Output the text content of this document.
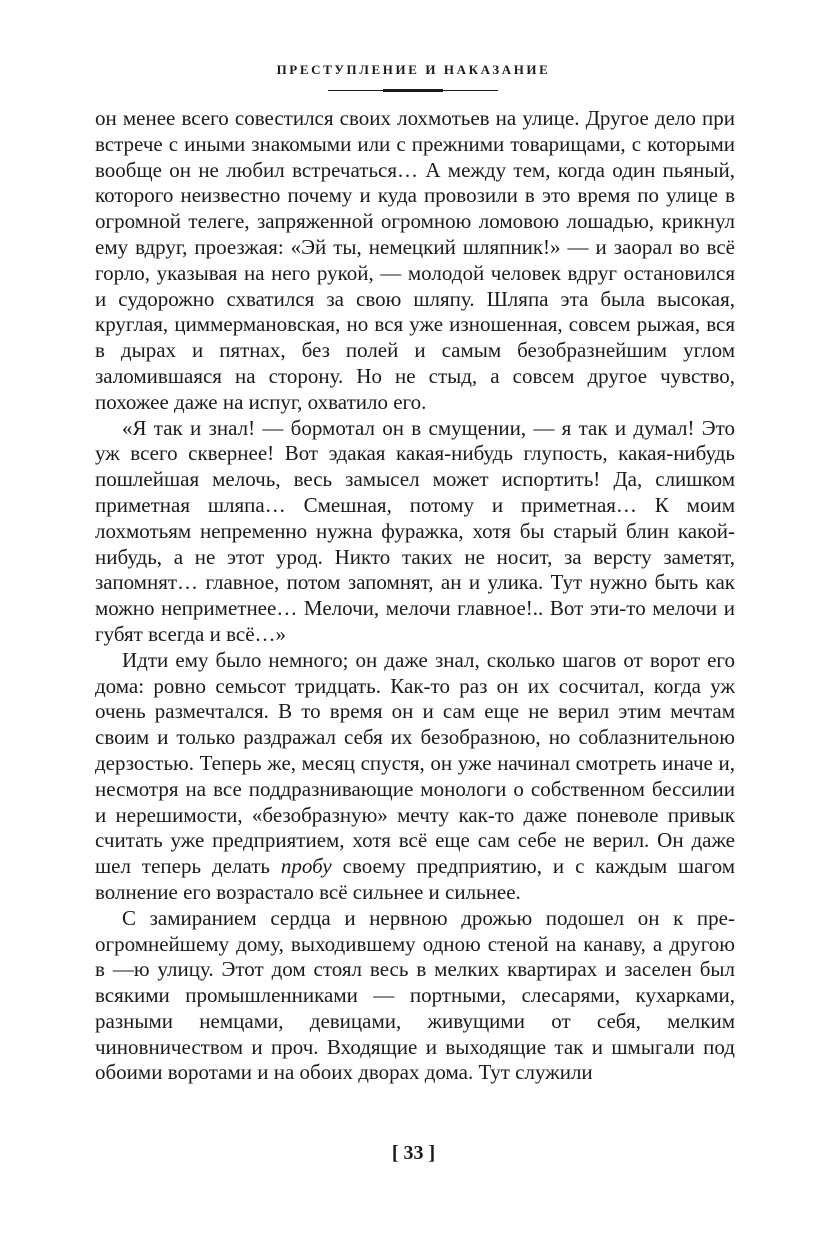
ПРЕСТУПЛЕНИЕ И НАКАЗАНИЕ

он менее всего совестился своих лохмотьев на улице. Другое дело при встрече с иными знакомыми или с прежними товарищами, с которыми вообще он не любил встречаться… А между тем, когда один пьяный, которого неизвестно почему и куда провозили в это время по улице в огромной телеге, запряженной огромною ломовою лошадью, крикнул ему вдруг, проезжая: «Эй ты, немецкий шляпник!» — и заорал во всё горло, указывая на него рукой, — молодой человек вдруг остановился и судорожно схватился за свою шляпу. Шляпа эта была высокая, круглая, циммермановская, но вся уже изношенная, совсем рыжая, вся в дырах и пятнах, без полей и самым безобразнейшим углом заломившаяся на сторону. Но не стыд, а совсем другое чувство, похожее даже на испуг, охватило его.

«Я так и знал! — бормотал он в смущении, — я так и думал! Это уж всего сквернее! Вот эдакая какая-нибудь глупость, какая-нибудь пошлейшая мелочь, весь замысел может испортить! Да, слишком приметная шляпа… Смешная, потому и приметная… К моим лохмотьям непременно нужна фуражка, хотя бы старый блин какой-нибудь, а не этот урод. Никто таких не носит, за версту заметят, запомнят… главное, потом запомнят, ан и улика. Тут нужно быть как можно неприметнее… Мелочи, мелочи главное!.. Вот эти-то мелочи и губят всегда и всё…»

Идти ему было немного; он даже знал, сколько шагов от ворот его дома: ровно семьсот тридцать. Как-то раз он их сосчитал, когда уж очень размечтался. В то время он и сам еще не верил этим мечтам своим и только раздражал себя их безобразною, но соблазнительною дерзостью. Теперь же, месяц спустя, он уже начинал смотреть иначе и, несмотря на все поддразнивающие монологи о собственном бессилии и нерешимости, «безобразную» мечту как-то даже поневоле привык считать уже предприятием, хотя всё еще сам себе не верил. Он даже шел теперь делать пробу своему предприятию, и с каждым шагом волнение его возрастало всё сильнее и сильнее.

С замиранием сердца и нервною дрожью подошел он к преогромнейшему дому, выходившему одною стеной на канаву, а другою в —ю улицу. Этот дом стоял весь в мелких квартирах и заселен был всякими промышленниками — портными, слесарями, кухарками, разными немцами, девицами, живущими от себя, мелким чиновничеством и проч. Входящие и выходящие так и шмыгали под обоими воротами и на обоих дворах дома. Тут служили

[ 33 ]
